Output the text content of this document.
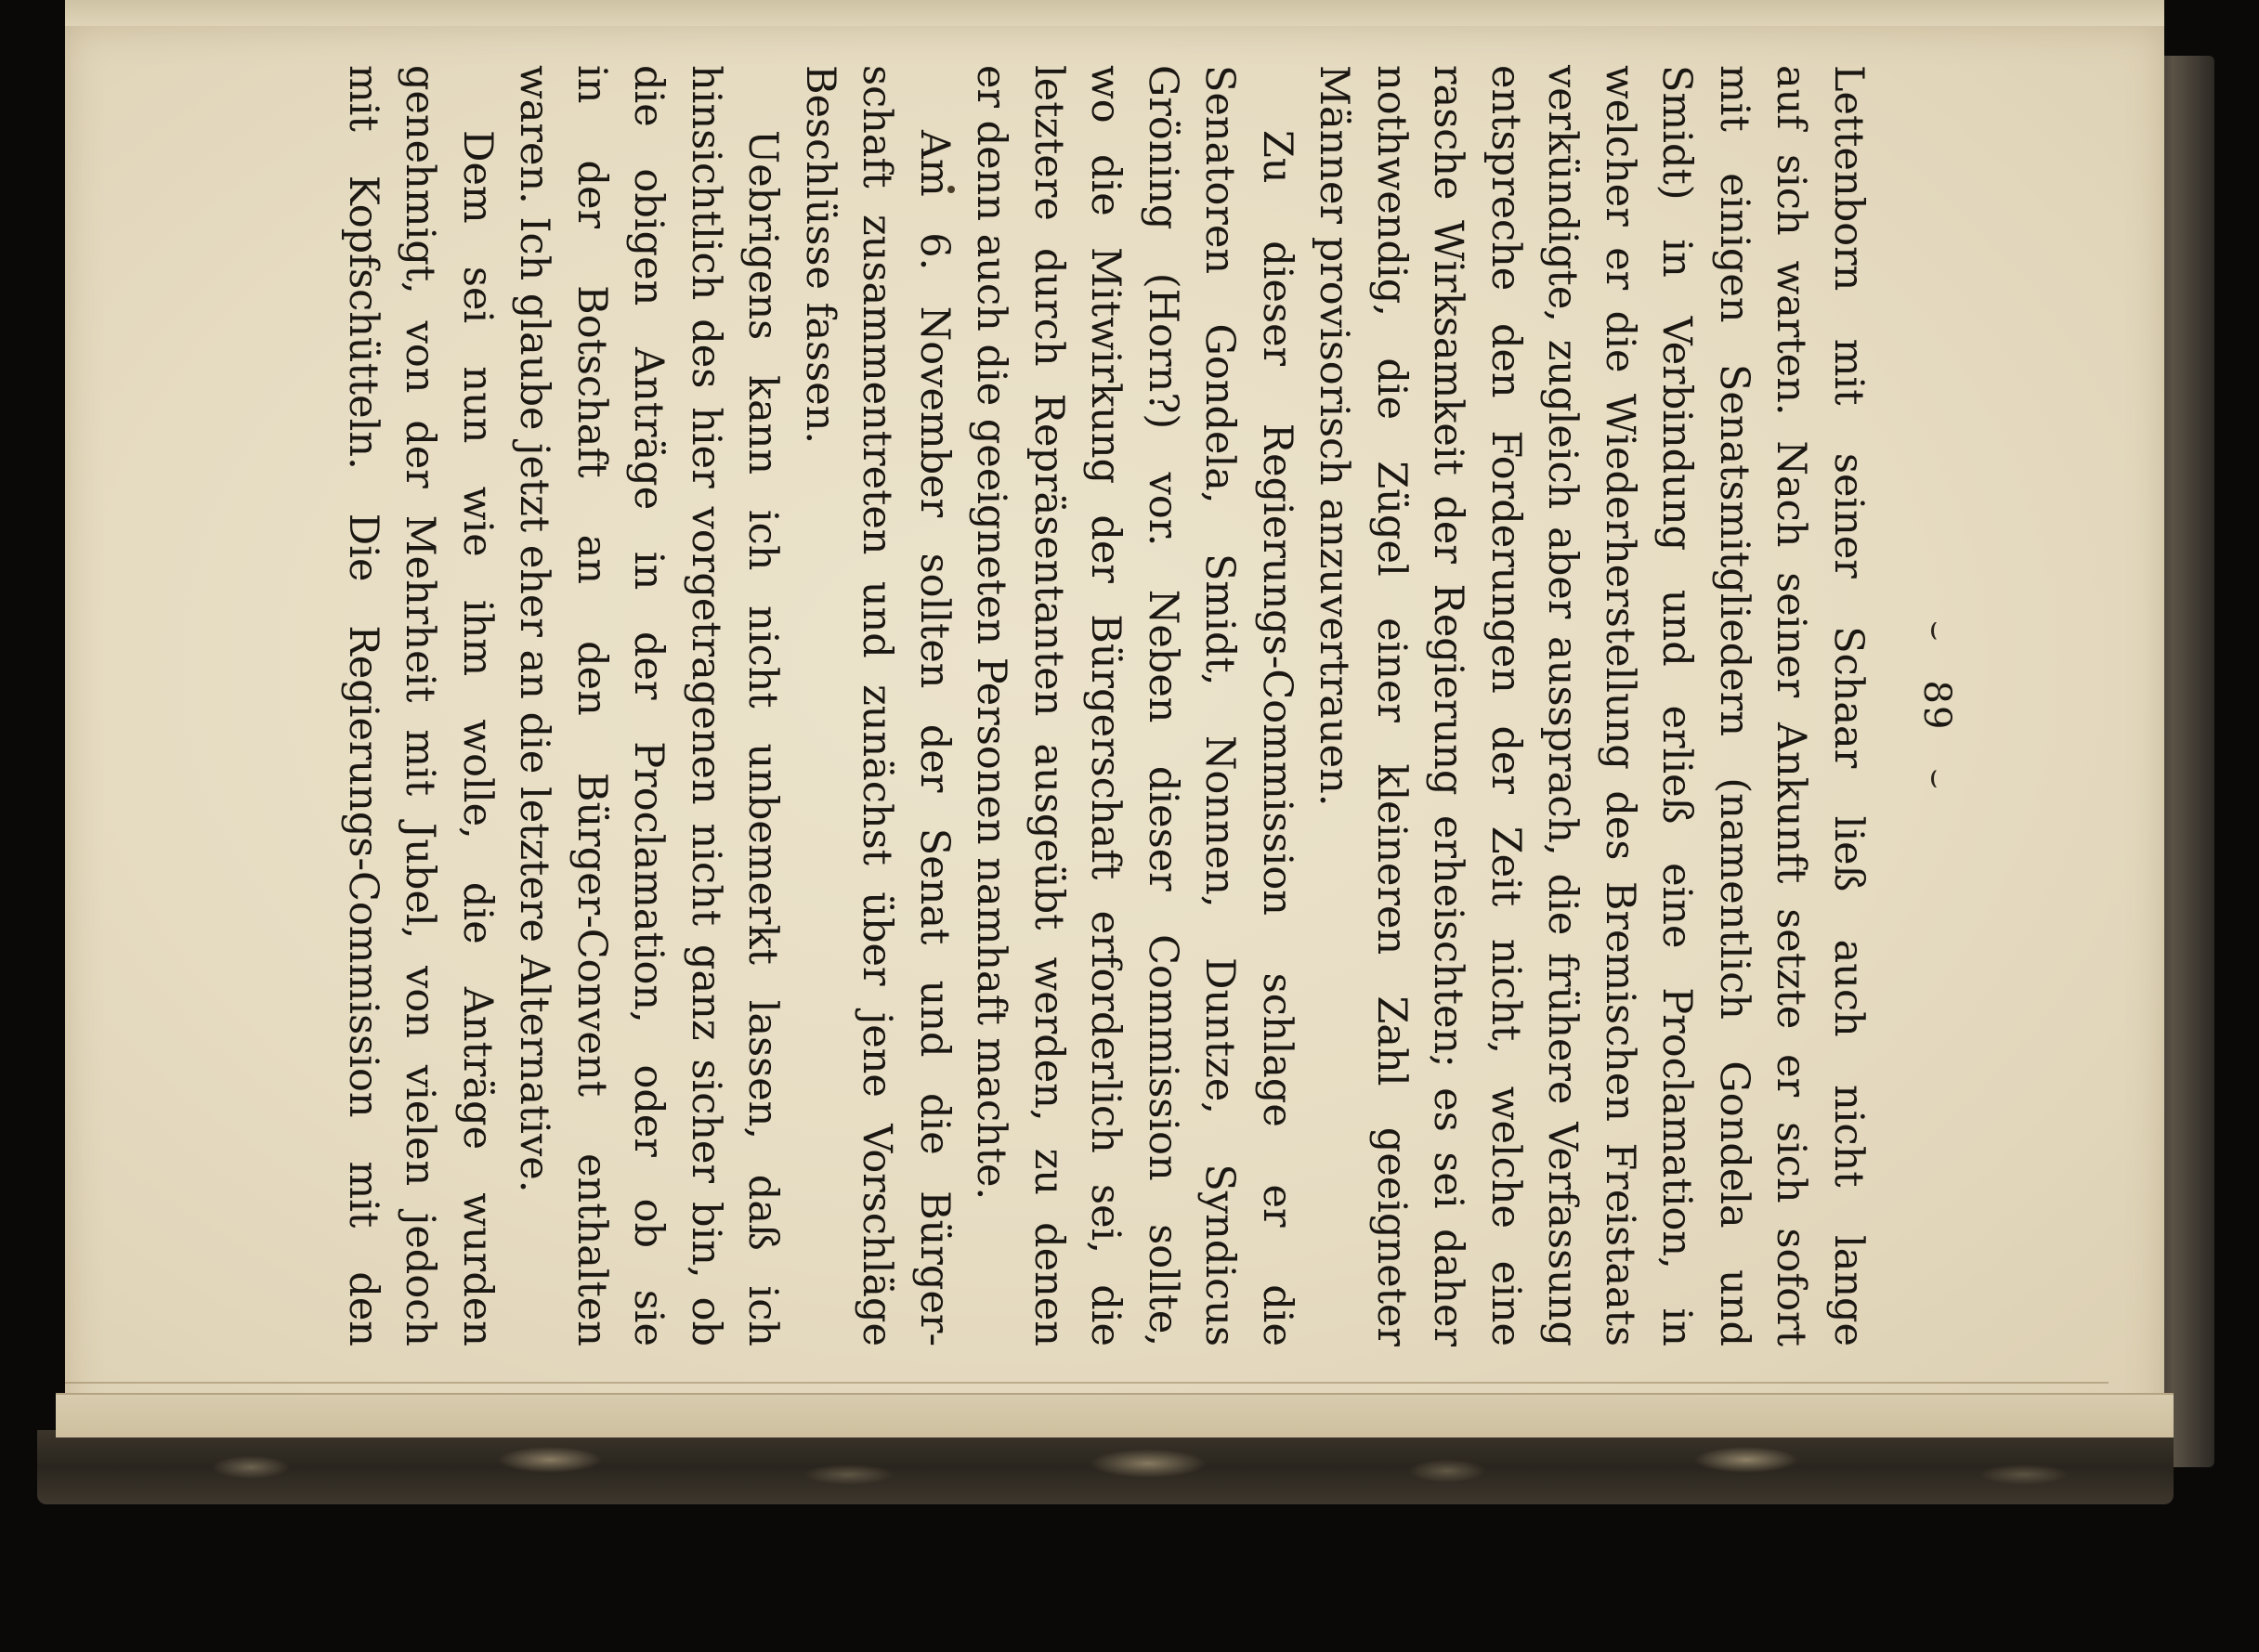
⌣
89
⌣
Lettenborn mit seiner Schaar ließ auch nicht lange
auf sich warten. Nach seiner Ankunft setzte er sich sofort
mit einigen Senatsmitgliedern (namentlich Gondela und
Smidt) in Verbindung und erließ eine Proclamation, in
welcher er die Wiederherstellung des Bremischen Freistaats
verkündigte, zugleich aber aussprach, die frühere Verfassung
entspreche den Forderungen der Zeit nicht, welche eine
rasche Wirksamkeit der Regierung erheischten; es sei daher
nothwendig, die Zügel einer kleineren Zahl geeigneter
Männer provisorisch anzuvertrauen.
Zu dieser Regierungs-Commission schlage er die
Senatoren Gondela, Smidt, Nonnen, Duntze, Syndicus
Gröning (Horn?) vor. Neben dieser Commission sollte,
wo die Mitwirkung der Bürgerschaft erforderlich sei, die
letztere durch Repräsentanten ausgeübt werden, zu denen
er denn auch die geeigneten Personen namhaft machte.
Am 6. November sollten der Senat und die Bürger-
schaft zusammentreten und zunächst über jene Vorschläge
Beschlüsse fassen.
Uebrigens kann ich nicht unbemerkt lassen, daß ich
hinsichtlich des hier vorgetragenen nicht ganz sicher bin, ob
die obigen Anträge in der Proclamation, oder ob sie
in der Botschaft an den Bürger-Convent enthalten
waren. Ich glaube jetzt eher an die letztere Alternative.
Dem sei nun wie ihm wolle, die Anträge wurden
genehmigt, von der Mehrheit mit Jubel, von vielen jedoch
mit Kopfschütteln. Die Regierungs-Commission mit den
